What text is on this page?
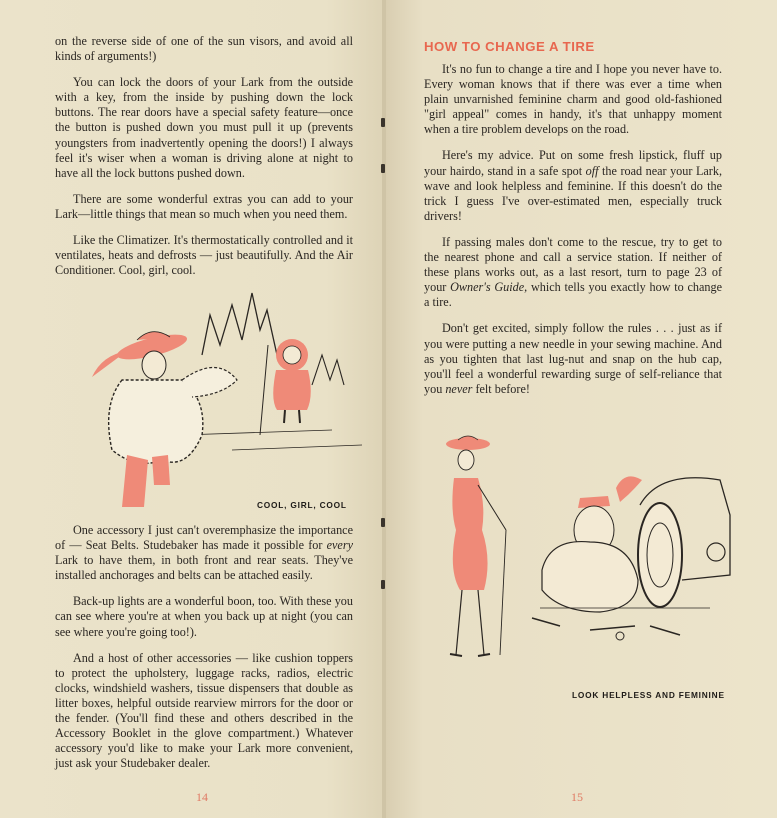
on the reverse side of one of the sun visors, and avoid all kinds of arguments!)

You can lock the doors of your Lark from the outside with a key, from the inside by pushing down the lock buttons. The rear doors have a special safety feature—once the button is pushed down you must pull it up (prevents youngsters from inadvertently opening the doors!) I always feel it's wiser when a woman is driving alone at night to have all the lock buttons pushed down.

There are some wonderful extras you can add to your Lark—little things that mean so much when you need them.

Like the Climatizer. It's thermostatically controlled and it ventilates, heats and defrosts — just beautifully. And the Air Conditioner. Cool, girl, cool.

COOL, GIRL, COOL

One accessory I just can't overemphasize the importance of — Seat Belts. Studebaker has made it possible for every Lark to have them, in both front and rear seats. They've installed anchorages and belts can be attached easily.

Back-up lights are a wonderful boon, too. With these you can see where you're at when you back up at night (you can see where you're going too!).

And a host of other accessories — like cushion toppers to protect the upholstery, luggage racks, radios, electric clocks, windshield washers, tissue dispensers that double as litter boxes, helpful outside rearview mirrors for the door or the fender. (You'll find these and others described in the Accessory Booklet in the glove compartment.) Whatever accessory you'd like to make your Lark more convenient, just ask your Studebaker dealer.

14
HOW TO CHANGE A TIRE

It's no fun to change a tire and I hope you never have to. Every woman knows that if there was ever a time when plain unvarnished feminine charm and good old-fashioned "girl appeal" comes in handy, it's that unhappy moment when a tire problem develops on the road.

Here's my advice. Put on some fresh lipstick, fluff up your hairdo, stand in a safe spot off the road near your Lark, wave and look helpless and feminine. If this doesn't do the trick I guess I've over-estimated men, especially truck drivers!

If passing males don't come to the rescue, try to get to the nearest phone and call a service station. If neither of these plans works out, as a last resort, turn to page 23 of your Owner's Guide, which tells you exactly how to change a tire.

Don't get excited, simply follow the rules . . . just as if you were putting a new needle in your sewing machine. And as you tighten that last lug-nut and snap on the hub cap, you'll feel a wonderful rewarding surge of self-reliance that you never felt before!

LOOK HELPLESS AND FEMININE
15
